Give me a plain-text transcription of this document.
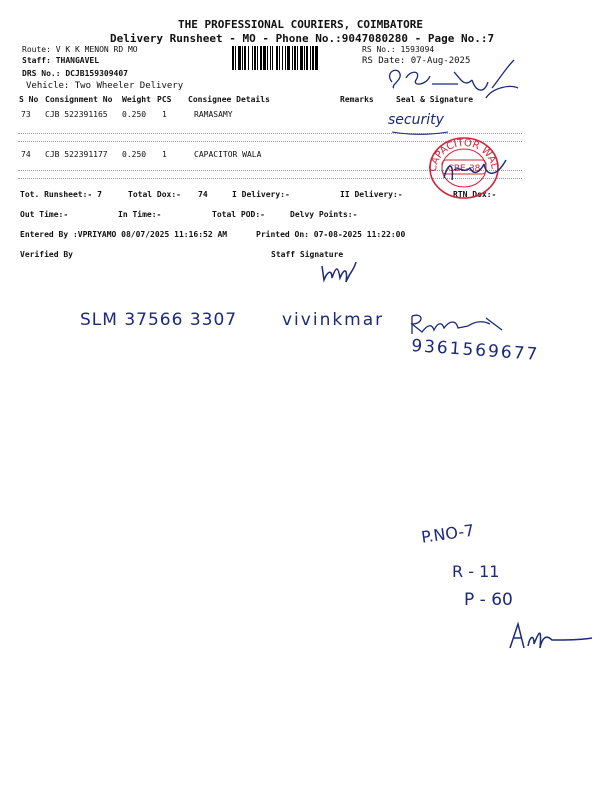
THE PROFESSIONAL COURIERS, COIMBATORE
Delivery Runsheet - MO - Phone No.:9047080280 - Page No.:7
Route: V K K MENON RD MO
Staff: THANGAVEL
DRS No.: DCJB159309407
Vehicle: Two Wheeler Delivery
RS No.: 1593094
RS Date: 07-Aug-2025
S No Consignment No Weight PCS Consignee Details	Remarks	Seal & Signature
73 CJB 522391165 0.250 1	RAMASAMY
74 CJB 522391177 0.250 1	CAPACITOR WALA
Tot. Runsheet:- 7	Total Dox:- 74	I Delivery:-	II Delivery:-	RTN Dox:-
Out Time:-	In Time:-	Total POD:-	Delvy Points:-
Entered By :VPRIYAMO 08/07/2025 11:16:52 AM	Printed On: 07-08-2025 11:22:00
Verified By	Staff Signature
security
CAPACITOR WALA
CBE-38
SLM 37566 3307	vivinkmar
9361569677
P.NO-7
R - 11
P - 60
